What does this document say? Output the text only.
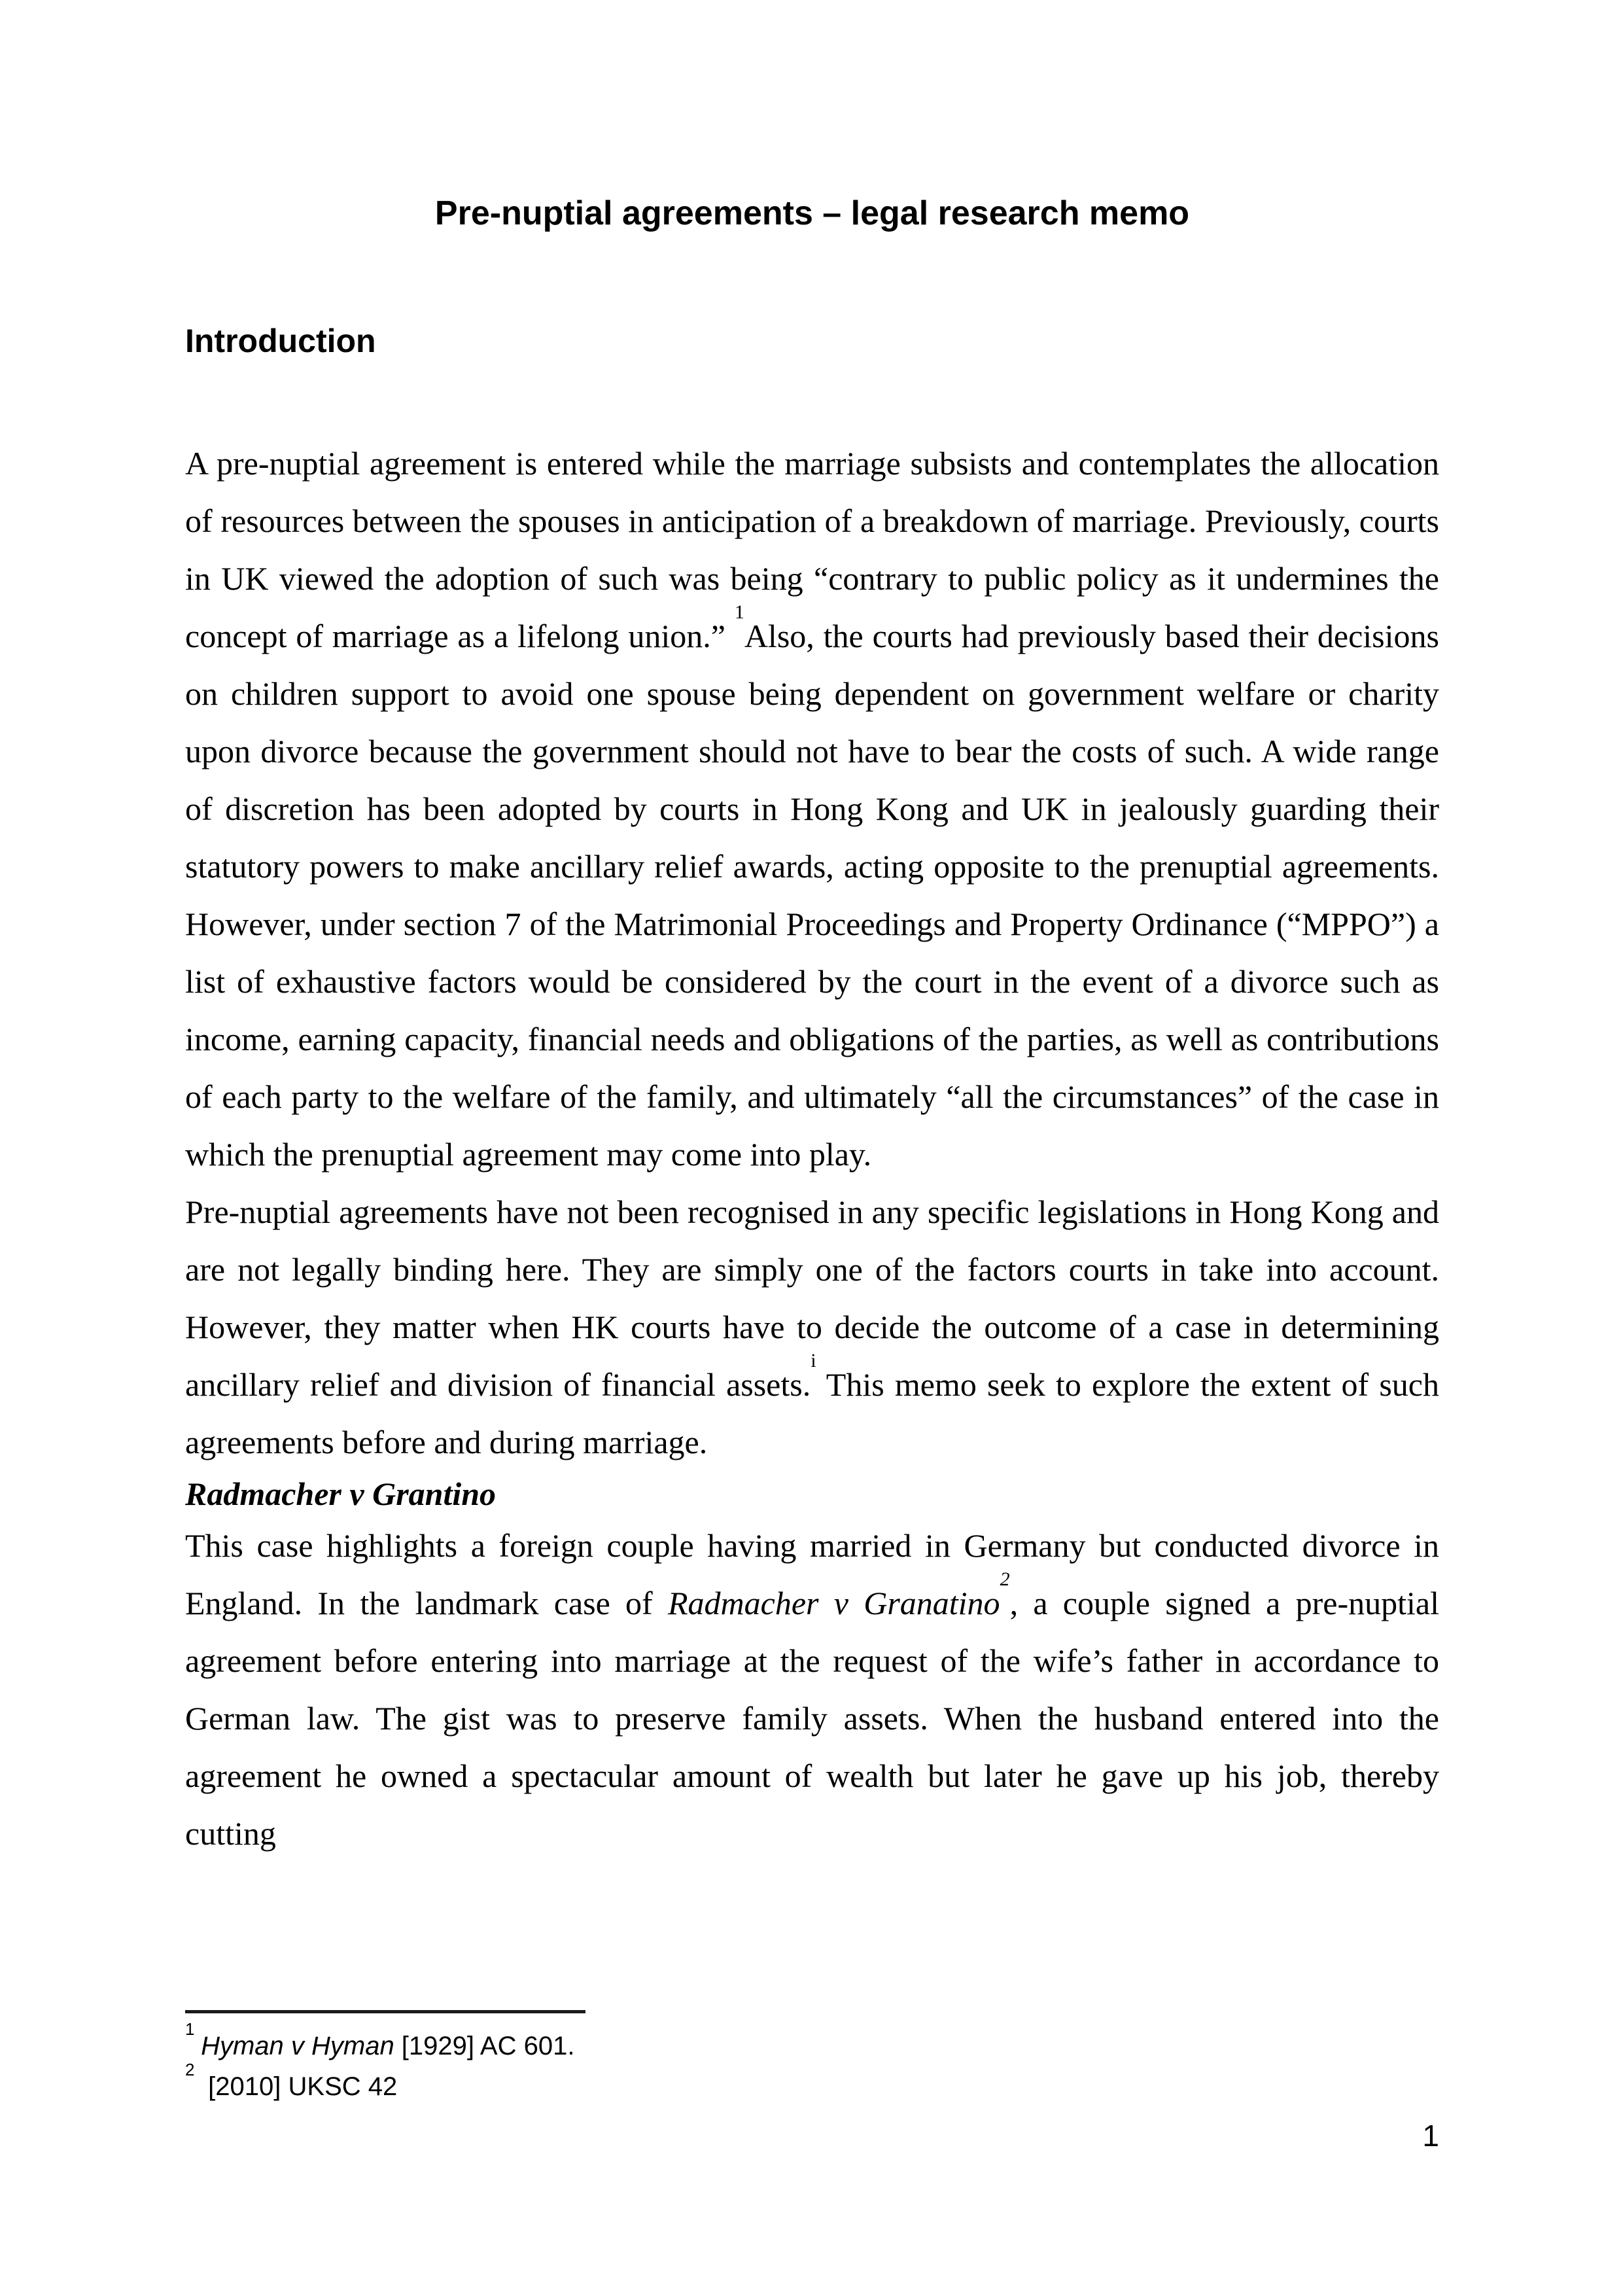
Pre-nuptial agreements – legal research memo
Introduction

A pre-nuptial agreement is entered while the marriage subsists and contemplates the allocation of resources between the spouses in anticipation of a breakdown of marriage. Previously, courts in UK viewed the adoption of such was being “contrary to public policy as it undermines the concept of marriage as a lifelong union.” $^1$Also, the courts had previously based their decisions on children support to avoid one spouse being dependent on government welfare or charity upon divorce because the government should not have to bear the costs of such. A wide range of discretion has been adopted by courts in Hong Kong and UK in jealously guarding their statutory powers to make ancillary relief awards, acting opposite to the prenuptial agreements. However, under section 7 of the Matrimonial Proceedings and Property Ordinance (“MPPO”) a list of exhaustive factors would be considered by the court in the event of a divorce such as income, earning capacity, financial needs and obligations of the parties, as well as contributions of each party to the welfare of the family, and ultimately “all the circumstances” of the case in which the prenuptial agreement may come into play.

Pre-nuptial agreements have not been recognised in any specific legislations in Hong Kong and are not legally binding here. They are simply one of the factors courts in take into account. However, they matter when HK courts have to decide the outcome of a case in determining ancillary relief and division of financial assets.$^i$ This memo seek to explore the extent of such agreements before and during marriage.

Radmacher v Grantino

This case highlights a foreign couple having married in Germany but conducted divorce in England. In the landmark case of Radmacher v Granatino$^2$, a couple signed a pre-nuptial agreement before entering into marriage at the request of the wife’s father in accordance to German law. The gist was to preserve family assets. When the husband entered into the agreement he owned a spectacular amount of wealth but later he gave up his job, thereby cutting

$^1$Hyman v Hyman [1929] AC 601.

$^2$ [2010] UKSC 42

1
